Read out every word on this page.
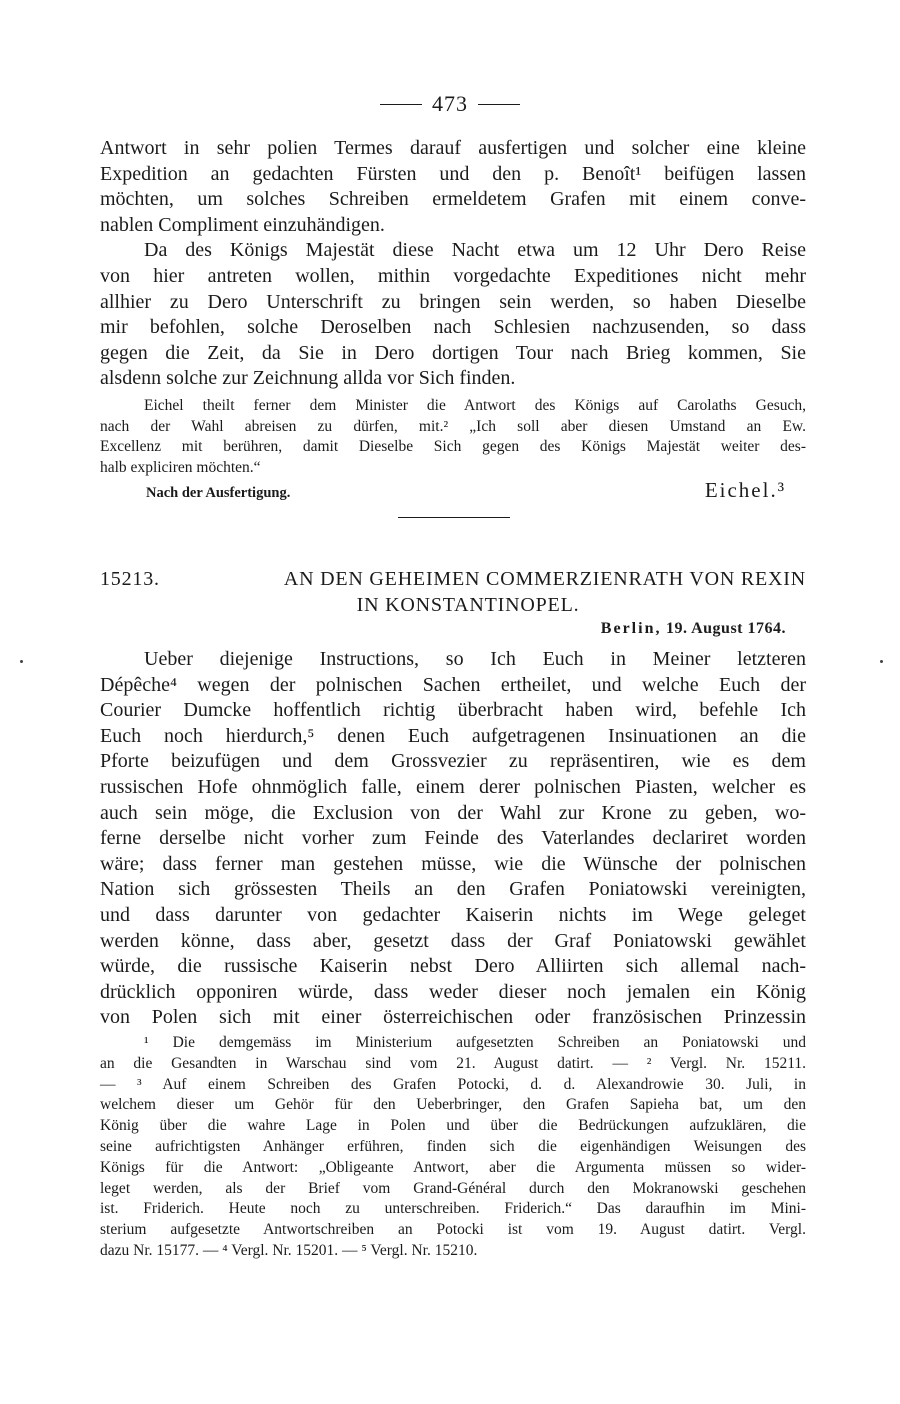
473
Antwort in sehr polien Termes darauf ausfertigen und solcher eine kleine
Expedition an gedachten Fürsten und den p. Benoît¹ beifügen lassen
möchten, um solches Schreiben ermeldetem Grafen mit einem conve-
nablen Compliment einzuhändigen.
Da des Königs Majestät diese Nacht etwa um 12 Uhr Dero Reise
von hier antreten wollen, mithin vorgedachte Expeditiones nicht mehr
allhier zu Dero Unterschrift zu bringen sein werden, so haben Dieselbe
mir befohlen, solche Deroselben nach Schlesien nachzusenden, so dass
gegen die Zeit, da Sie in Dero dortigen Tour nach Brieg kommen, Sie
alsdenn solche zur Zeichnung allda vor Sich finden.
Eichel theilt ferner dem Minister die Antwort des Königs auf Carolaths Gesuch,
nach der Wahl abreisen zu dürfen, mit.² „Ich soll aber diesen Umstand an Ew.
Excellenz mit berühren, damit Dieselbe Sich gegen des Königs Majestät weiter des-
halb expliciren möchten.“
Nach der Ausfertigung.	Eichel.³
15213.	AN DEN GEHEIMEN COMMERZIENRATH VON REXIN
IN KONSTANTINOPEL.
Berlin, 19. August 1764.
Ueber diejenige Instructions, so Ich Euch in Meiner letzteren
Dépêche⁴ wegen der polnischen Sachen ertheilet, und welche Euch der
Courier Dumcke hoffentlich richtig überbracht haben wird, befehle Ich
Euch noch hierdurch,⁵ denen Euch aufgetragenen Insinuationen an die
Pforte beizufügen und dem Grossvezier zu repräsentiren, wie es dem
russischen Hofe ohnmöglich falle, einem derer polnischen Piasten, welcher es
auch sein möge, die Exclusion von der Wahl zur Krone zu geben, wo-
ferne derselbe nicht vorher zum Feinde des Vaterlandes declariret worden
wäre; dass ferner man gestehen müsse, wie die Wünsche der polnischen
Nation sich grössesten Theils an den Grafen Poniatowski vereinigten,
und dass darunter von gedachter Kaiserin nichts im Wege geleget
werden könne, dass aber, gesetzt dass der Graf Poniatowski gewählet
würde, die russische Kaiserin nebst Dero Alliirten sich allemal nach-
drücklich opponiren würde, dass weder dieser noch jemalen ein König
von Polen sich mit einer österreichischen oder französischen Prinzessin
¹ Die demgemäss im Ministerium aufgesetzten Schreiben an Poniatowski und
an die Gesandten in Warschau sind vom 21. August datirt. — ² Vergl. Nr. 15211.
— ³ Auf einem Schreiben des Grafen Potocki, d. d. Alexandrowie 30. Juli, in
welchem dieser um Gehör für den Ueberbringer, den Grafen Sapieha bat, um den
König über die wahre Lage in Polen und über die Bedrückungen aufzuklären, die
seine aufrichtigsten Anhänger erführen, finden sich die eigenhändigen Weisungen des
Königs für die Antwort: „Obligeante Antwort, aber die Argumenta müssen so wider-
leget werden, als der Brief vom Grand-Général durch den Mokranowski geschehen
ist. Friderich. Heute noch zu unterschreiben. Friderich.“ Das daraufhin im Mini-
sterium aufgesetzte Antwortschreiben an Potocki ist vom 19. August datirt. Vergl.
dazu Nr. 15177. — ⁴ Vergl. Nr. 15201. — ⁵ Vergl. Nr. 15210.
